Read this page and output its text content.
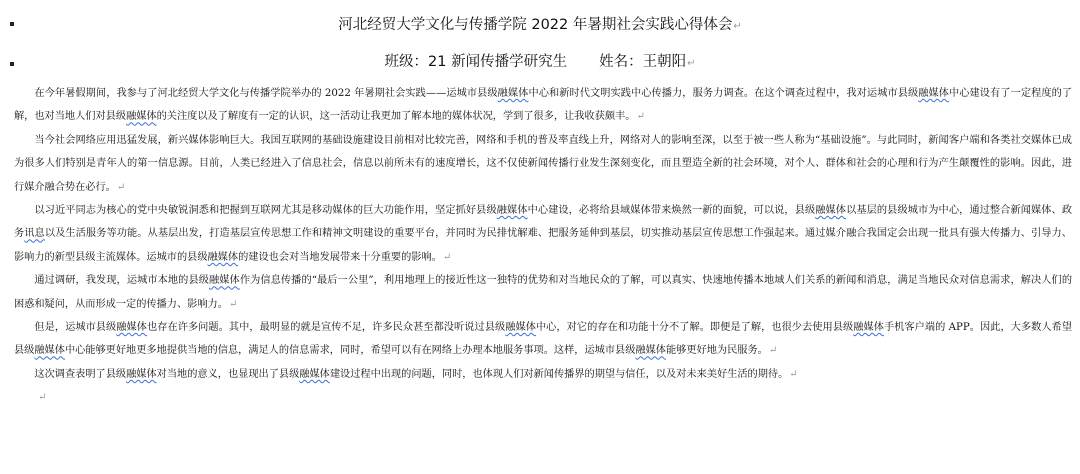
河北经贸大学文化与传播学院 2022 年暑期社会实践心得体会↵
班级：21 新闻传播学研究生 姓名：王朝阳↵

在今年暑假期间，我参与了河北经贸大学文化与传播学院举办的 2022 年暑期社会实践——运城市县级融媒体中心和新时代文明实践中心传播力，服务力调查。在这个调查过程中，我对运城市县级融媒体中心建设有了一定程度的了解，也对当地人们对县级融媒体的关注度以及了解度有一定的认识，这一活动让我更加了解本地的媒体状况，学到了很多，让我收获颇丰。↵

当今社会网络应用迅猛发展，新兴媒体影响巨大。我国互联网的基础设施建设目前相对比较完善，网络和手机的普及率直线上升，网络对人的影响至深，以至于被一些人称为“基础设施”。与此同时，新闻客户端和各类社交媒体已成为很多人们特别是青年人的第一信息源。目前，人类已经进入了信息社会，信息以前所未有的速度增长，这不仅使新闻传播行业发生深刻变化，而且塑造全新的社会环境，对个人、群体和社会的心理和行为产生颠覆性的影响。因此，进行媒介融合势在必行。↵

以习近平同志为核心的党中央敏锐洞悉和把握到互联网尤其是移动媒体的巨大功能作用，坚定抓好县级融媒体中心建设，必将给县域媒体带来焕然一新的面貌，可以说，县级融媒体以基层的县级城市为中心，通过整合新闻媒体、政务讯息以及生活服务等功能。从基层出发，打造基层宣传思想工作和精神文明建设的重要平台，并同时为民排忧解难、把服务延伸到基层，切实推动基层宣传思想工作强起来。通过媒介融合我国定会出现一批具有强大传播力、引导力、影响力的新型县级主流媒体。运城市的县级融媒体的建设也会对当地发展带来十分重要的影响。↵

通过调研，我发现，运城市本地的县级融媒体作为信息传播的“最后一公里”，利用地理上的接近性这一独特的优势和对当地民众的了解，可以真实、快速地传播本地域人们关系的新闻和消息，满足当地民众对信息需求，解决人们的困惑和疑问，从而形成一定的传播力、影响力。↵

但是，运城市县级融媒体也存在许多问题。其中，最明显的就是宣传不足，许多民众甚至都没听说过县级融媒体中心，对它的存在和功能十分不了解。即便是了解，也很少去使用县级融媒体手机客户端的 APP。因此，大多数人希望县级融媒体中心能够更好地更多地提供当地的信息，满足人的信息需求，同时，希望可以有在网络上办理本地服务事项。这样，运城市县级融媒体能够更好地为民服务。↵

这次调查表明了县级融媒体对当地的意义，也显现出了县级融媒体建设过程中出现的问题，同时，也体现人们对新闻传播界的期望与信任，以及对未来美好生活的期待。↵

↵
